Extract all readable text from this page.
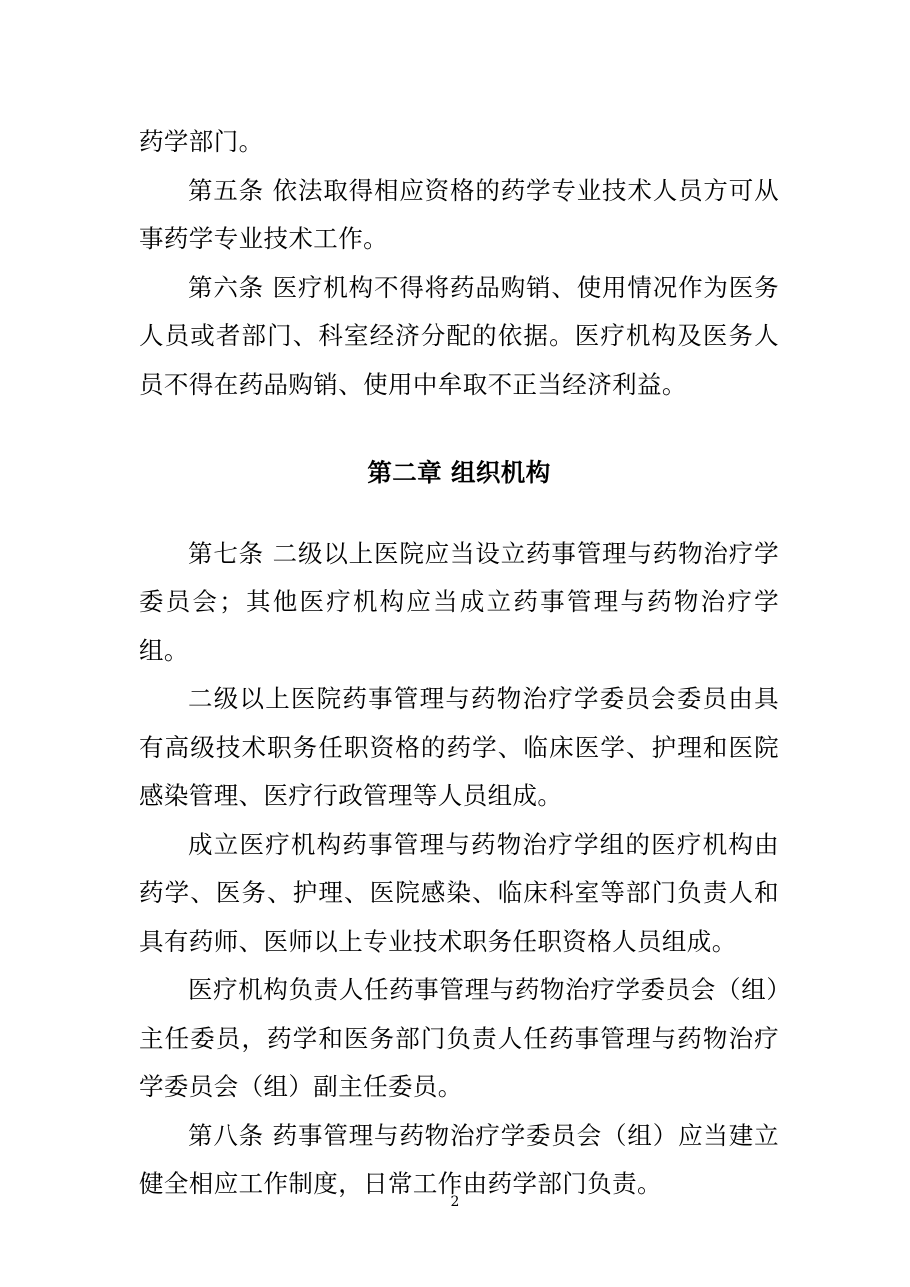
药学部门。

第五条 依法取得相应资格的药学专业技术人员方可从事药学专业技术工作。

第六条 医疗机构不得将药品购销、使用情况作为医务人员或者部门、科室经济分配的依据。医疗机构及医务人员不得在药品购销、使用中牟取不正当经济利益。

第二章 组织机构

第七条 二级以上医院应当设立药事管理与药物治疗学委员会；其他医疗机构应当成立药事管理与药物治疗学组。

二级以上医院药事管理与药物治疗学委员会委员由具有高级技术职务任职资格的药学、临床医学、护理和医院感染管理、医疗行政管理等人员组成。

成立医疗机构药事管理与药物治疗学组的医疗机构由药学、医务、护理、医院感染、临床科室等部门负责人和具有药师、医师以上专业技术职务任职资格人员组成。

医疗机构负责人任药事管理与药物治疗学委员会（组）主任委员，药学和医务部门负责人任药事管理与药物治疗学委员会（组）副主任委员。

第八条 药事管理与药物治疗学委员会（组）应当建立健全相应工作制度，日常工作由药学部门负责。

2
